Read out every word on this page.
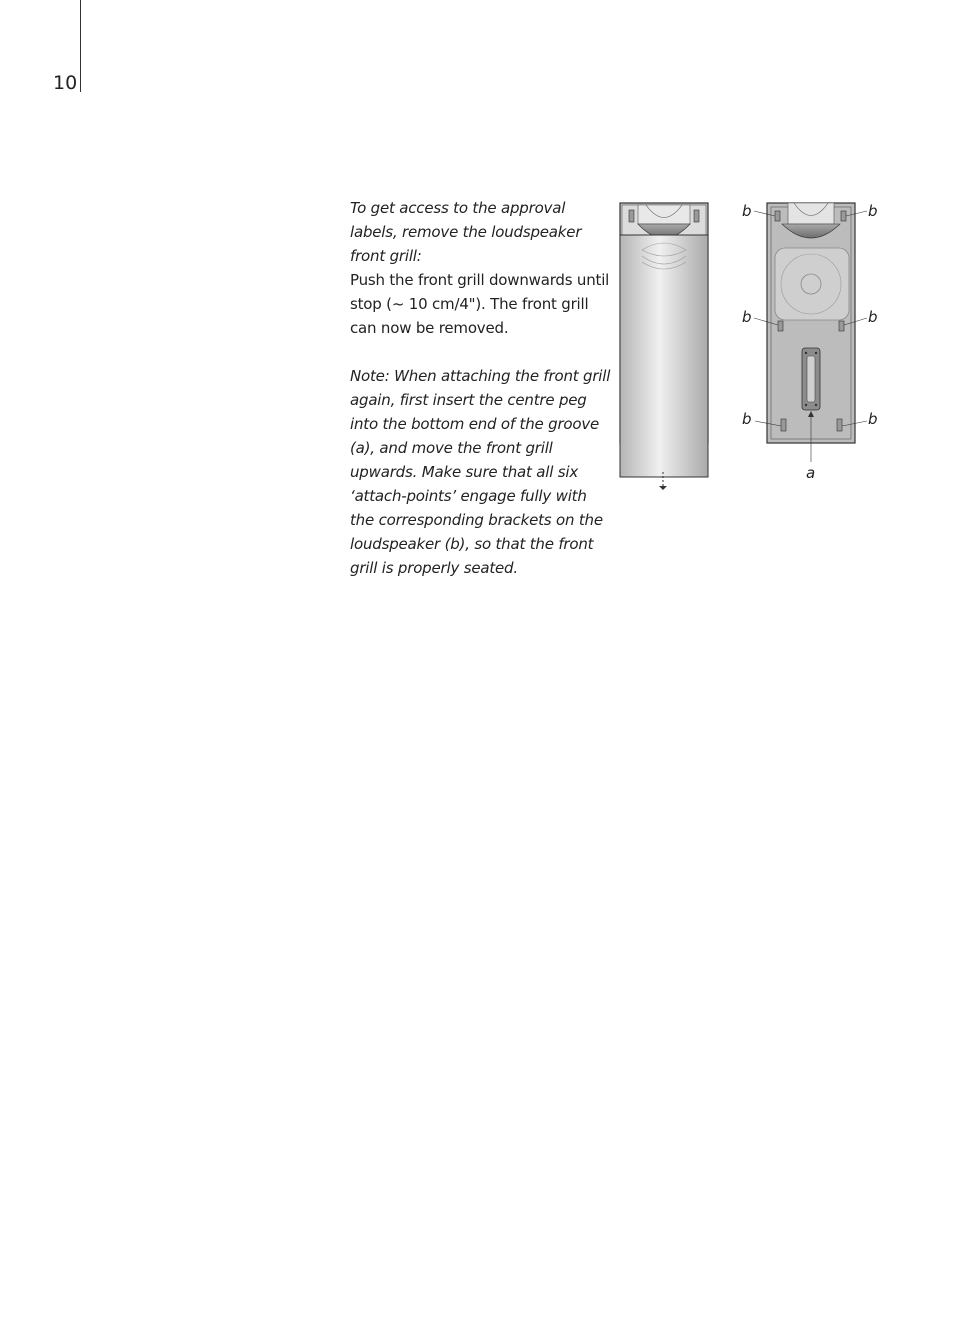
10

To get access to the approval labels, remove the loudspeaker front grill:

Push the front grill downwards until stop (~ 10 cm/4"). The front grill can now be removed.

Note: When attaching the front grill again, first insert the centre peg into the bottom end of the groove (a), and move the front grill upwards. Make sure that all six ‘attach-points’ engage fully with the corresponding brackets on the loudspeaker (b), so that the front grill is properly seated.

b	b
b	b
b	b
a
